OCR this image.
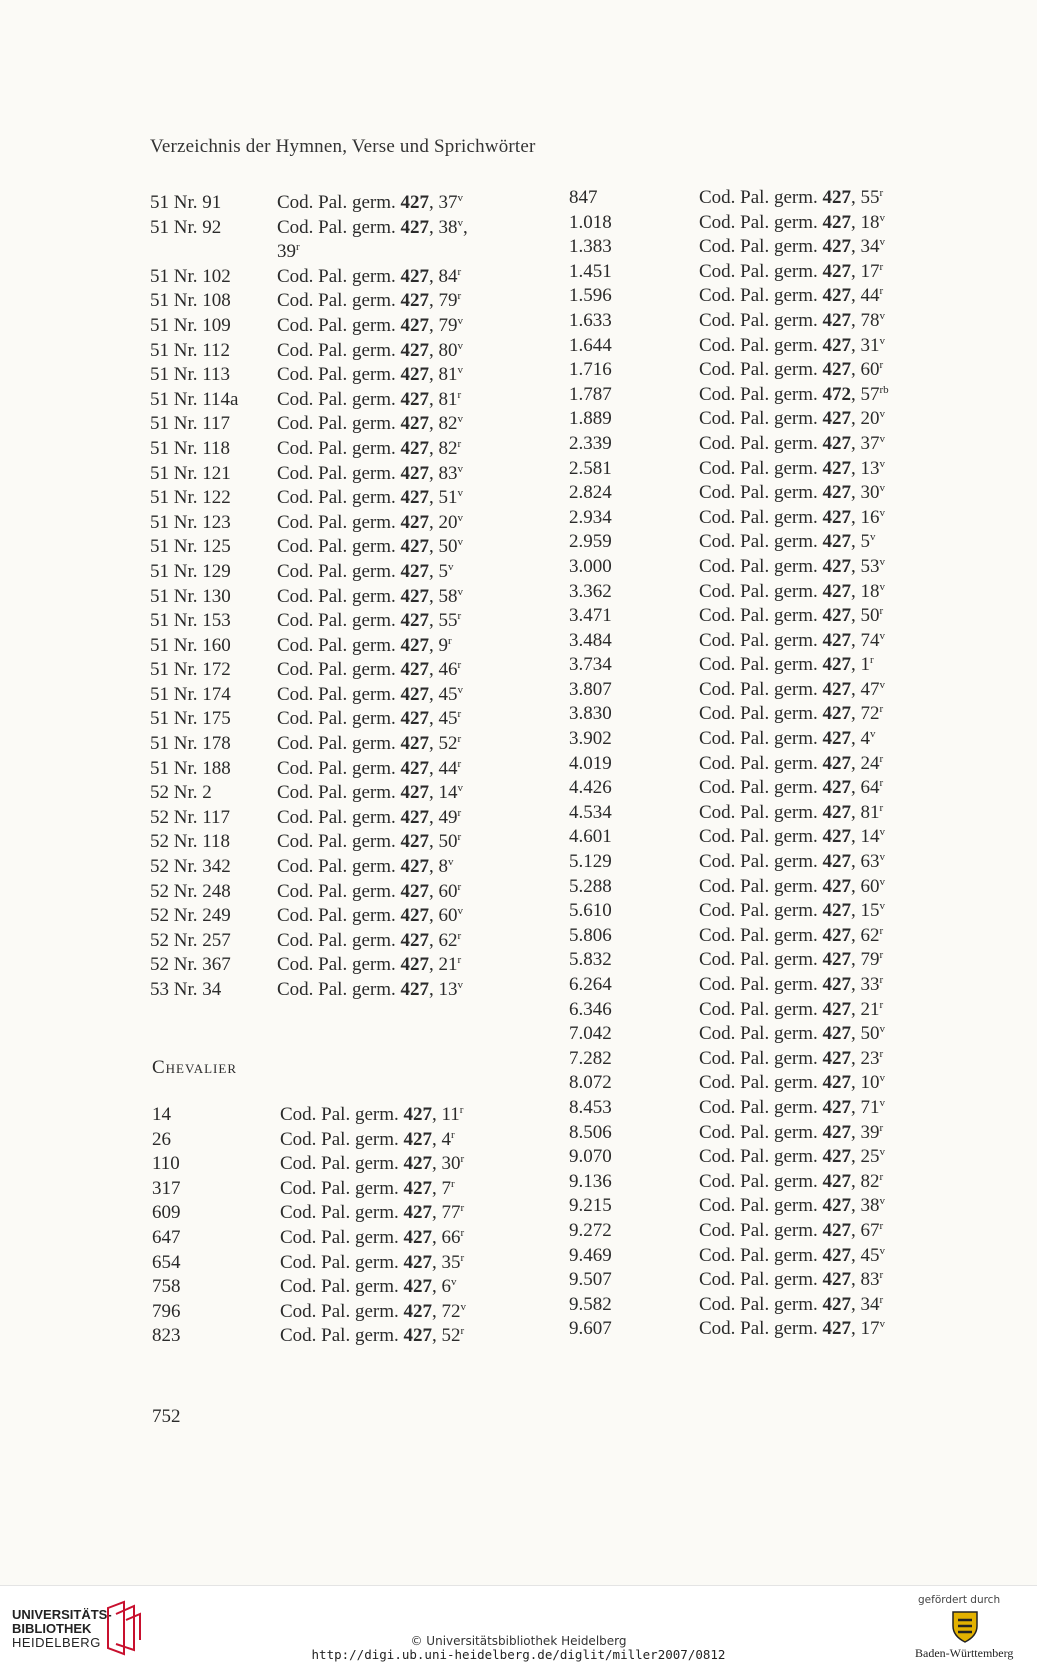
Verzeichnis der Hymnen, Verse und Sprichwörter
51 Nr. 91	Cod. Pal. germ. 427, 37$^v$
51 Nr. 92	Cod. Pal. germ. 427, 38$^v$,
39$^r$
51 Nr. 102 Cod. Pal. germ. 427, 84$^r$
51 Nr. 108 Cod. Pal. germ. 427, 79$^r$
51 Nr. 109 Cod. Pal. germ. 427, 79$^v$
51 Nr. 112 Cod. Pal. germ. 427, 80$^v$
51 Nr. 113 Cod. Pal. germ. 427, 81$^v$
51 Nr. 114a Cod. Pal. germ. 427, 81$^r$
51 Nr. 117 Cod. Pal. germ. 427, 82$^v$
51 Nr. 118 Cod. Pal. germ. 427, 82$^r$
51 Nr. 121 Cod. Pal. germ. 427, 83$^v$
51 Nr. 122 Cod. Pal. germ. 427, 51$^v$
51 Nr. 123 Cod. Pal. germ. 427, 20$^v$
51 Nr. 125 Cod. Pal. germ. 427, 50$^v$
51 Nr. 129 Cod. Pal. germ. 427, 5$^v$
51 Nr. 130 Cod. Pal. germ. 427, 58$^v$
51 Nr. 153 Cod. Pal. germ. 427, 55$^r$
51 Nr. 160 Cod. Pal. germ. 427, 9$^r$
51 Nr. 172 Cod. Pal. germ. 427, 46$^r$
51 Nr. 174 Cod. Pal. germ. 427, 45$^v$
51 Nr. 175 Cod. Pal. germ. 427, 45$^r$
51 Nr. 178 Cod. Pal. germ. 427, 52$^r$
51 Nr. 188 Cod. Pal. germ. 427, 44$^r$
52 Nr. 2	Cod. Pal. germ. 427, 14$^v$
52 Nr. 117 Cod. Pal. germ. 427, 49$^r$
52 Nr. 118 Cod. Pal. germ. 427, 50$^r$
52 Nr. 342 Cod. Pal. germ. 427, 8$^v$
52 Nr. 248 Cod. Pal. germ. 427, 60$^r$
52 Nr. 249 Cod. Pal. germ. 427, 60$^v$
52 Nr. 257 Cod. Pal. germ. 427, 62$^r$
52 Nr. 367 Cod. Pal. germ. 427, 21$^r$
53 Nr. 34	Cod. Pal. germ. 427, 13$^v$
Chevalier
14	Cod. Pal. germ. 427, 11$^r$
26	Cod. Pal. germ. 427, 4$^r$
110	Cod. Pal. germ. 427, 30$^r$
317	Cod. Pal. germ. 427, 7$^r$
609	Cod. Pal. germ. 427, 77$^r$
647	Cod. Pal. germ. 427, 66$^r$
654	Cod. Pal. germ. 427, 35$^r$
758	Cod. Pal. germ. 427, 6$^v$
796	Cod. Pal. germ. 427, 72$^v$
823	Cod. Pal. germ. 427, 52$^r$
847	Cod. Pal. germ. 427, 55$^r$
1.018	Cod. Pal. germ. 427, 18$^v$
1.383	Cod. Pal. germ. 427, 34$^v$
1.451	Cod. Pal. germ. 427, 17$^r$
1.596	Cod. Pal. germ. 427, 44$^r$
1.633	Cod. Pal. germ. 427, 78$^v$
1.644	Cod. Pal. germ. 427, 31$^v$
1.716	Cod. Pal. germ. 427, 60$^r$
1.787	Cod. Pal. germ. 472, $57^{rb}$
1.889	Cod. Pal. germ. 427, 20$^v$
2.339	Cod. Pal. germ. 427, 37$^v$
2.581	Cod. Pal. germ. 427, 13$^v$
2.824	Cod. Pal. germ. 427, 30$^v$
2.934	Cod. Pal. germ. 427, 16$^v$
2.959	Cod. Pal. germ. 427, 5$^v$
3.000	Cod. Pal. germ. 427, 53$^v$
3.362	Cod. Pal. germ. 427, 18$^v$
3.471	Cod. Pal. germ. 427, 50$^r$
3.484	Cod. Pal. germ. 427, 74$^v$
3.734	Cod. Pal. germ. 427, 1$^r$
3.807	Cod. Pal. germ. 427, 47$^v$
3.830	Cod. Pal. germ. 427, 72$^r$
3.902	Cod. Pal. germ. 427, 4$^v$
4.019	Cod. Pal. germ. 427, 24$^r$
4.426	Cod. Pal. germ. 427, 64$^r$
4.534	Cod. Pal. germ. 427, 81$^r$
4.601	Cod. Pal. germ. 427, 14$^v$
5.129	Cod. Pal. germ. 427, 63$^v$
5.288	Cod. Pal. germ. 427, 60$^v$
5.610	Cod. Pal. germ. 427, 15$^v$
5.806	Cod. Pal. germ. 427, 62$^r$
5.832	Cod. Pal. germ. 427, 79$^r$
6.264	Cod. Pal. germ. 427, 33$^r$
6.346	Cod. Pal. germ. 427, 21$^r$
7.042	Cod. Pal. germ. 427, 50$^v$
7.282	Cod. Pal. germ. 427, 23$^r$
8.072	Cod. Pal. germ. 427, 10$^v$
8.453	Cod. Pal. germ. 427, 71$^v$
8.506	Cod. Pal. germ. 427, 39$^r$
9.070	Cod. Pal. germ. 427, 25$^v$
9.136	Cod. Pal. germ. 427, 82$^r$
9.215	Cod. Pal. germ. 427, 38$^v$
9.272	Cod. Pal. germ. 427, 67$^r$
9.469	Cod. Pal. germ. 427, 45$^v$
9.507	Cod. Pal. germ. 427, 83$^r$
9.582	Cod. Pal. germ. 427, 34$^r$
9.607	Cod. Pal. germ. 427, 17$^v$
752
UNIVERSITÄTS-
BIBLIOTHEK
HEIDELBERG	© Universitätsbibliothek Heidelberg
http://digi.ub.uni-heidelberg.de/diglit/miller2007/0812
gefördert durch
Baden-Württemberg
